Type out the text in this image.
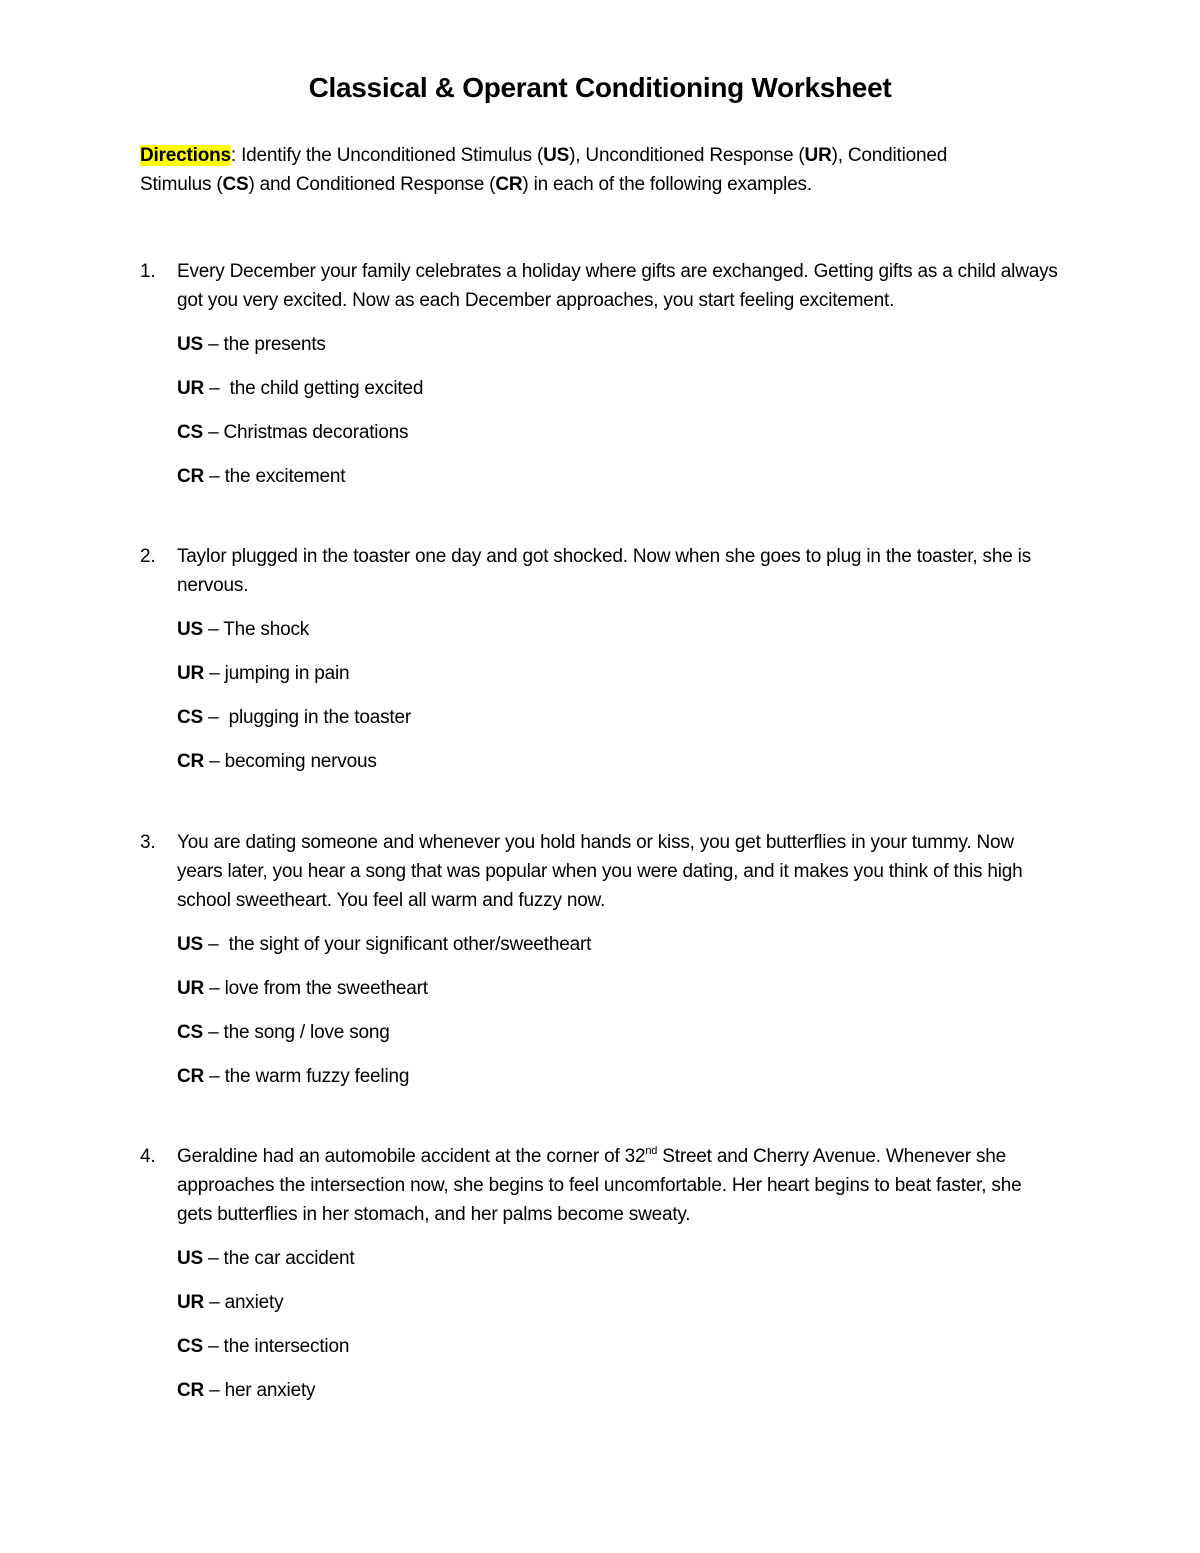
Classical & Operant Conditioning Worksheet
Directions: Identify the Unconditioned Stimulus (US), Unconditioned Response (UR), Conditioned Stimulus (CS) and Conditioned Response (CR) in each of the following examples.
1.	Every December your family celebrates a holiday where gifts are exchanged. Getting gifts as a child always got you very excited. Now as each December approaches, you start feeling excitement.
US – the presents
UR –  the child getting excited
CS – Christmas decorations
CR – the excitement
2.	Taylor plugged in the toaster one day and got shocked. Now when she goes to plug in the toaster, she is nervous.
US – The shock
UR – jumping in pain
CS –  plugging in the toaster
CR – becoming nervous
3.	You are dating someone and whenever you hold hands or kiss, you get butterflies in your tummy. Now years later, you hear a song that was popular when you were dating, and it makes you think of this high school sweetheart. You feel all warm and fuzzy now.
US –  the sight of your significant other/sweetheart
UR – love from the sweetheart
CS – the song / love song
CR – the warm fuzzy feeling
4.	Geraldine had an automobile accident at the corner of 32nd Street and Cherry Avenue. Whenever she approaches the intersection now, she begins to feel uncomfortable. Her heart begins to beat faster, she gets butterflies in her stomach, and her palms become sweaty.
US – the car accident
UR – anxiety
CS – the intersection
CR – her anxiety
